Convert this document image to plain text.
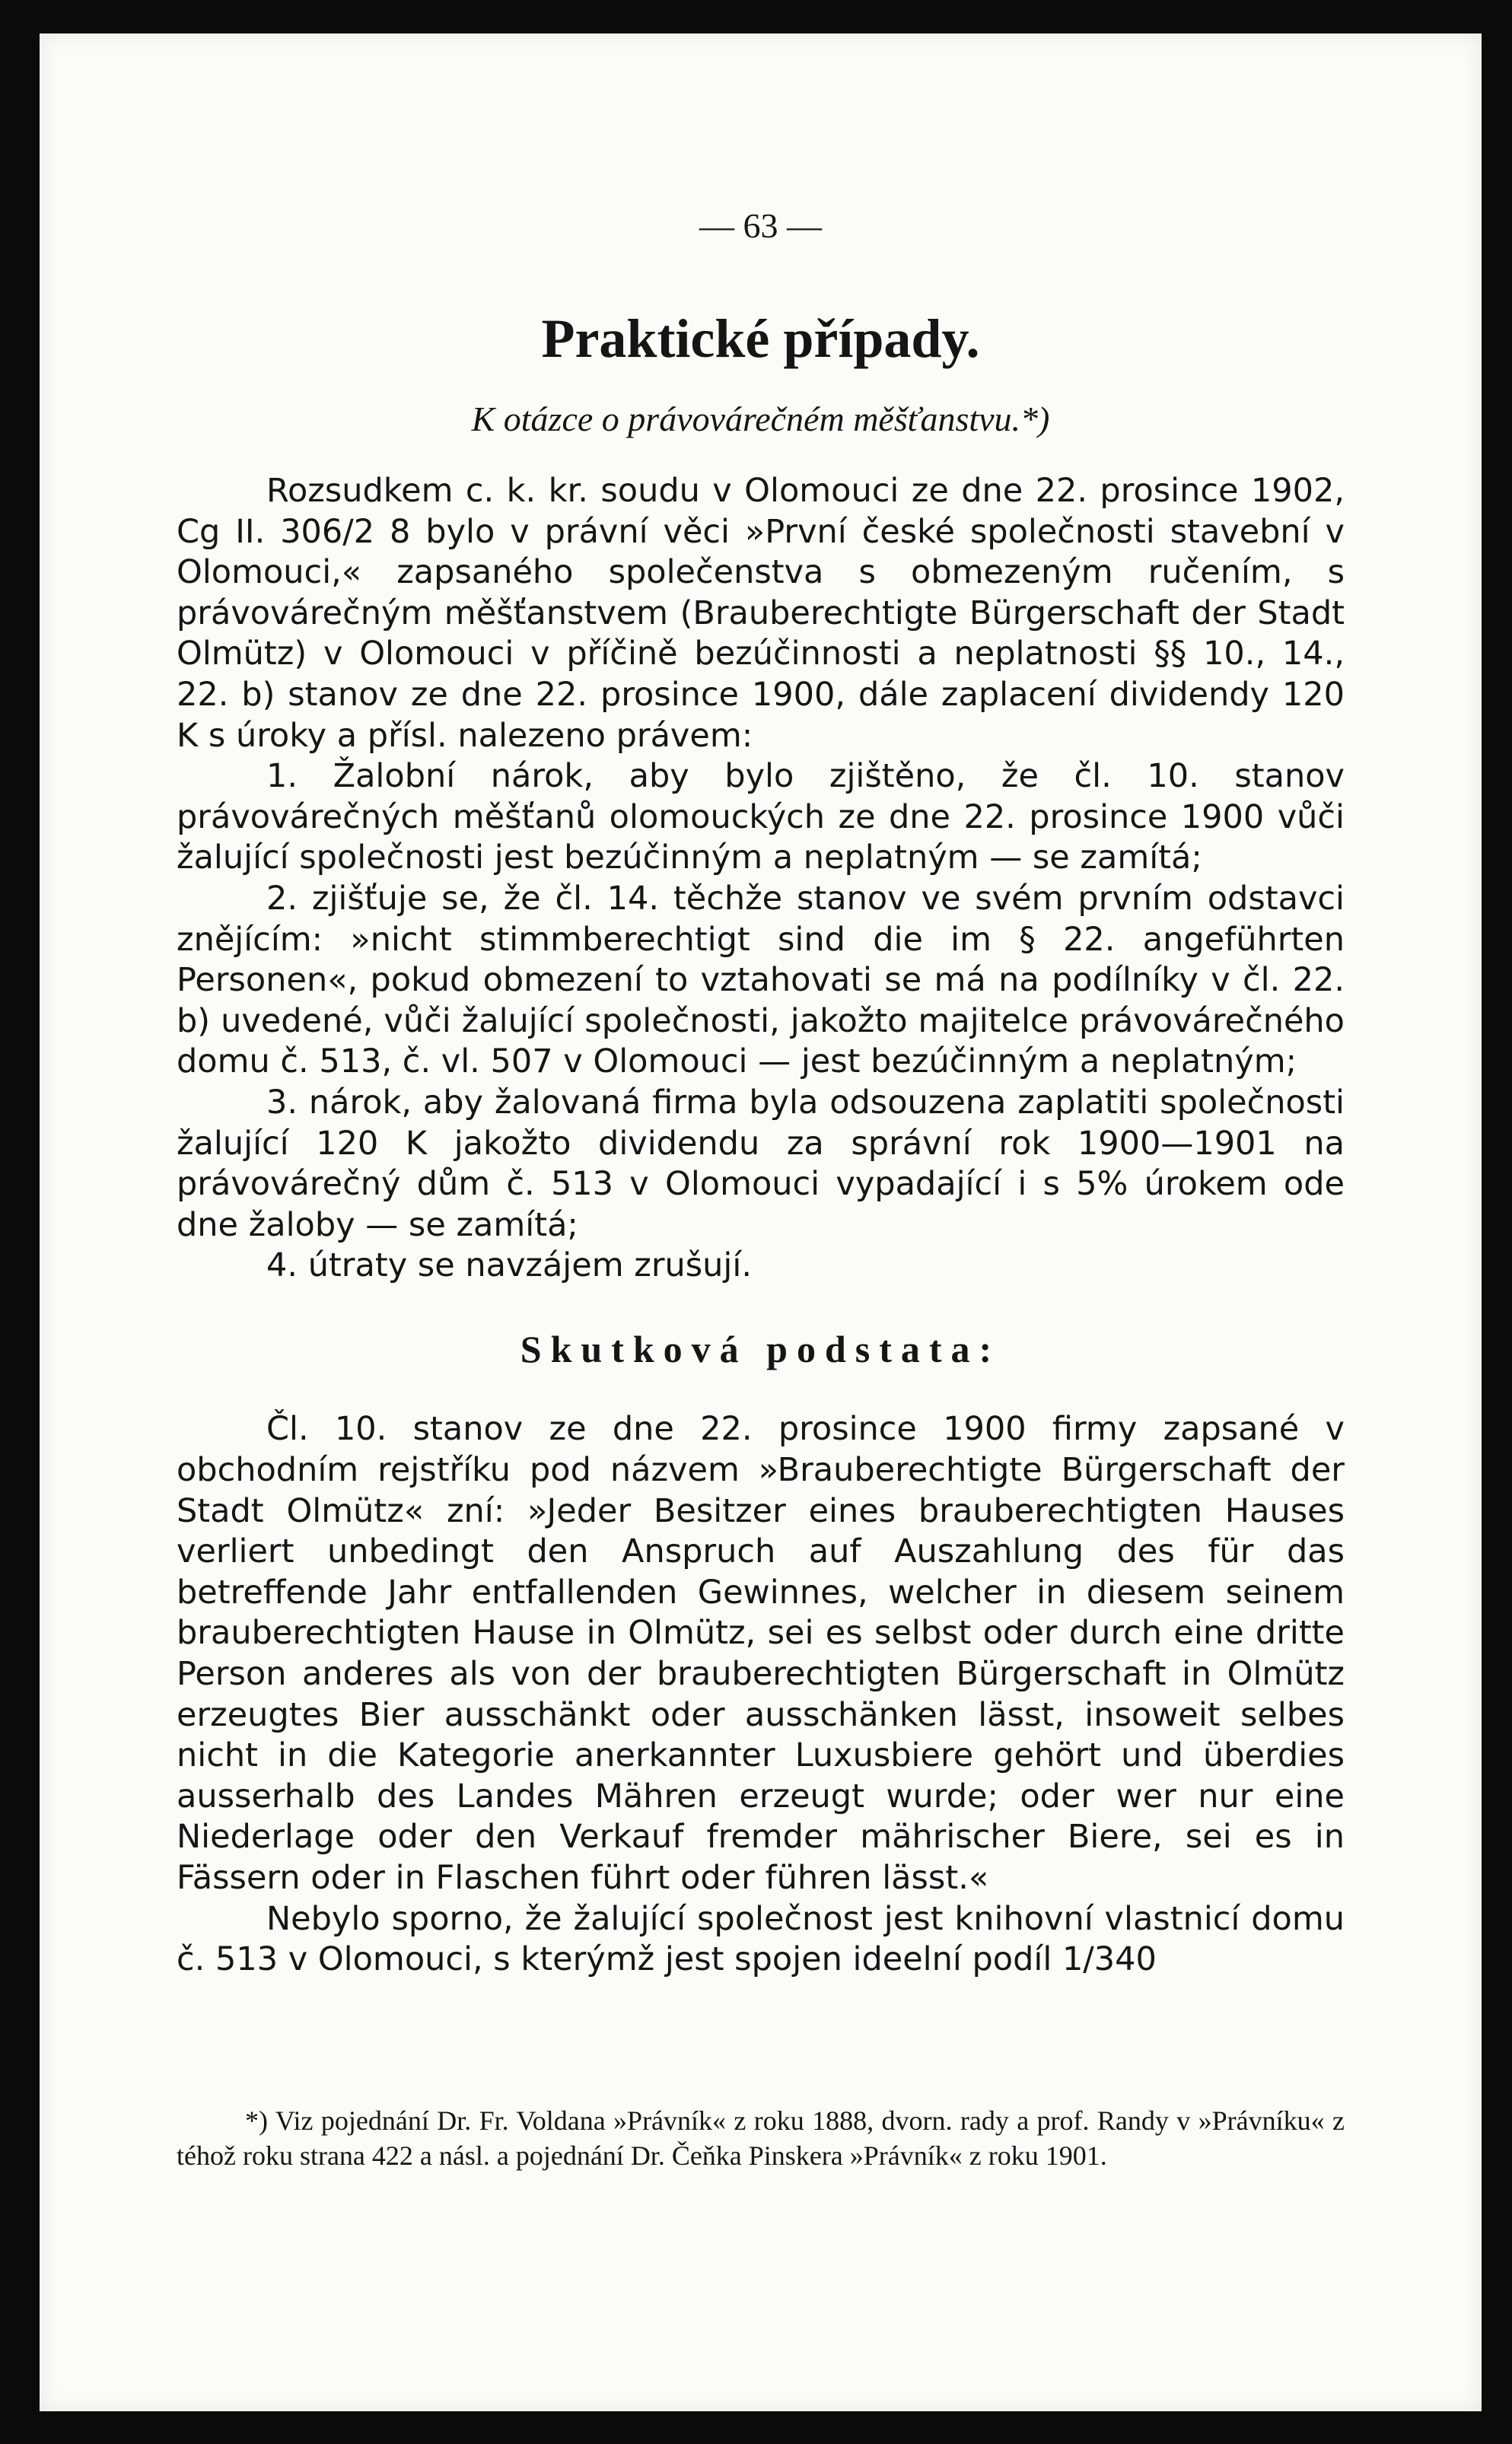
— 63 —
Praktické případy.
K otázce o právovárečném měšťanstvu.*)

Rozsudkem c. k. kr. soudu v Olomouci ze dne 22. prosince 1902, Cg II. 306/2 8 bylo v právní věci »První české společnosti stavební v Olomouci,« zapsaného společenstva s obmezeným ručením, s právovárečným měšťanstvem (Brauberechtigte Bürgerschaft der Stadt Olmütz) v Olomouci v příčině bezúčinnosti a neplatnosti §§ 10., 14., 22. b) stanov ze dne 22. prosince 1900, dále zaplacení dividendy 120 K s úroky a přísl. nalezeno právem:

1. Žalobní nárok, aby bylo zjištěno, že čl. 10. stanov právovárečných měšťanů olomouckých ze dne 22. prosince 1900 vůči žalující společnosti jest bezúčinným a neplatným — se zamítá;

2. zjišťuje se, že čl. 14. těchže stanov ve svém prvním odstavci znějícím: »nicht stimmberechtigt sind die im § 22. angeführten Personen«, pokud obmezení to vztahovati se má na podílníky v čl. 22. b) uvedené, vůči žalující společnosti, jakožto majitelce právovárečného domu č. 513, č. vl. 507 v Olomouci — jest bezúčinným a neplatným;

3. nárok, aby žalovaná firma byla odsouzena zaplatiti společnosti žalující 120 K jakožto dividendu za správní rok 1900—1901 na právovárečný dům č. 513 v Olomouci vypadající i s 5% úrokem ode dne žaloby — se zamítá;

4. útraty se navzájem zrušují.

Skutková podstata:

Čl. 10. stanov ze dne 22. prosince 1900 firmy zapsané v obchodním rejstříku pod názvem »Brauberechtigte Bürgerschaft der Stadt Olmütz« zní: »Jeder Besitzer eines brauberechtigten Hauses verliert unbedingt den Anspruch auf Auszahlung des für das betreffende Jahr entfallenden Gewinnes, welcher in diesem seinem brauberechtigten Hause in Olmütz, sei es selbst oder durch eine dritte Person anderes als von der brauberechtigten Bürgerschaft in Olmütz erzeugtes Bier ausschänkt oder ausschänken lässt, insoweit selbes nicht in die Kategorie anerkannter Luxusbiere gehört und überdies ausserhalb des Landes Mähren erzeugt wurde; oder wer nur eine Niederlage oder den Verkauf fremder mährischer Biere, sei es in Fässern oder in Flaschen führt oder führen lässt.«

Nebylo sporno, že žalující společnost jest knihovní vlastnicí domu č. 513 v Olomouci, s kterýmž jest spojen ideelní podíl 1/340

*) Viz pojednání Dr. Fr. Voldana »Právník« z roku 1888, dvorn. rady a prof. Randy v »Právníku« z téhož roku strana 422 a násl. a pojednání Dr. Čeňka Pinskera »Právník« z roku 1901.
